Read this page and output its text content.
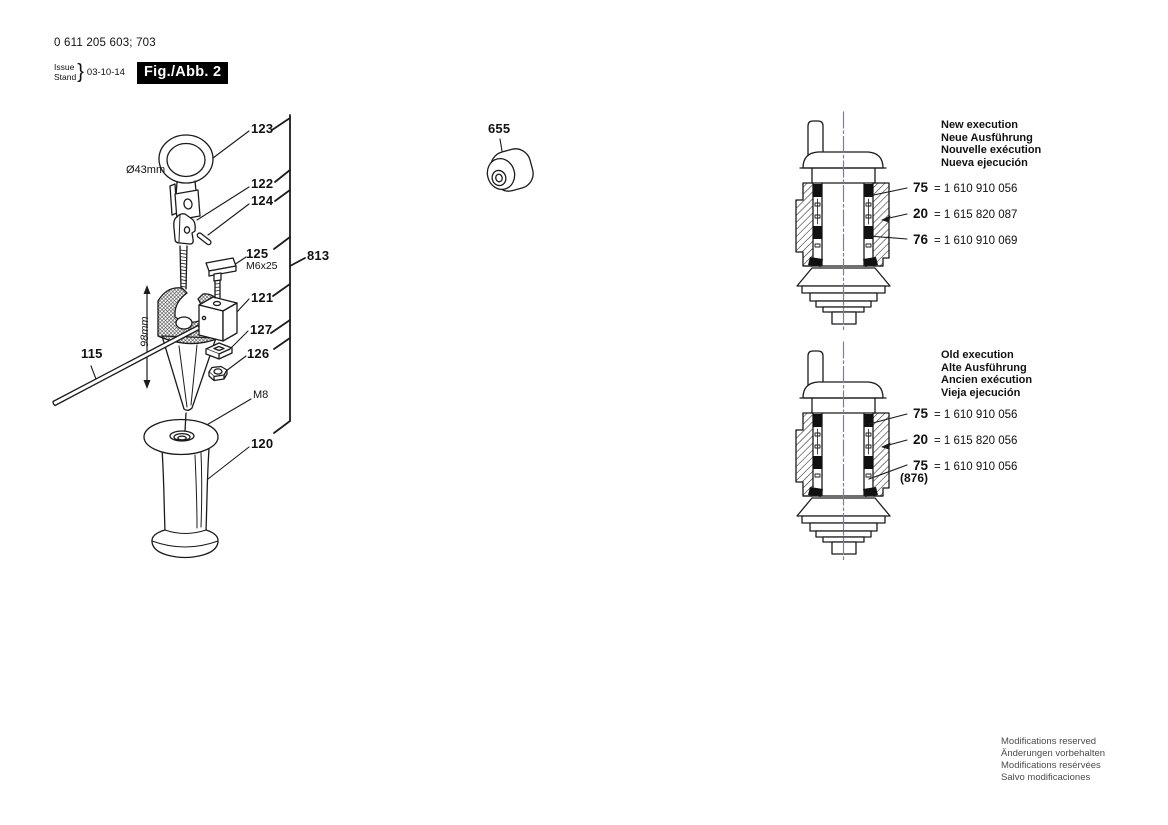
0 611 205 603; 703
Issue
Stand } 03-10-14	Fig./Abb. 2
123
122
124
125
M6x25
813
121
127
126
M8
120
115
Ø43mm
98mm
655	New execution
Neue Ausführung
Nouvelle exécution
Nueva ejecución
75 = 1 610 910 056
20 = 1 615 820 087
76 = 1 610 910 069
Old execution
Alte Ausführung
Ancien exécution
Vieja ejecución
75 = 1 610 910 056
20 = 1 615 820 056
75 = 1 610 910 056
(876)
Modifications reserved
Änderungen vorbehalten
Modifications resérvées
Salvo modificaciones
